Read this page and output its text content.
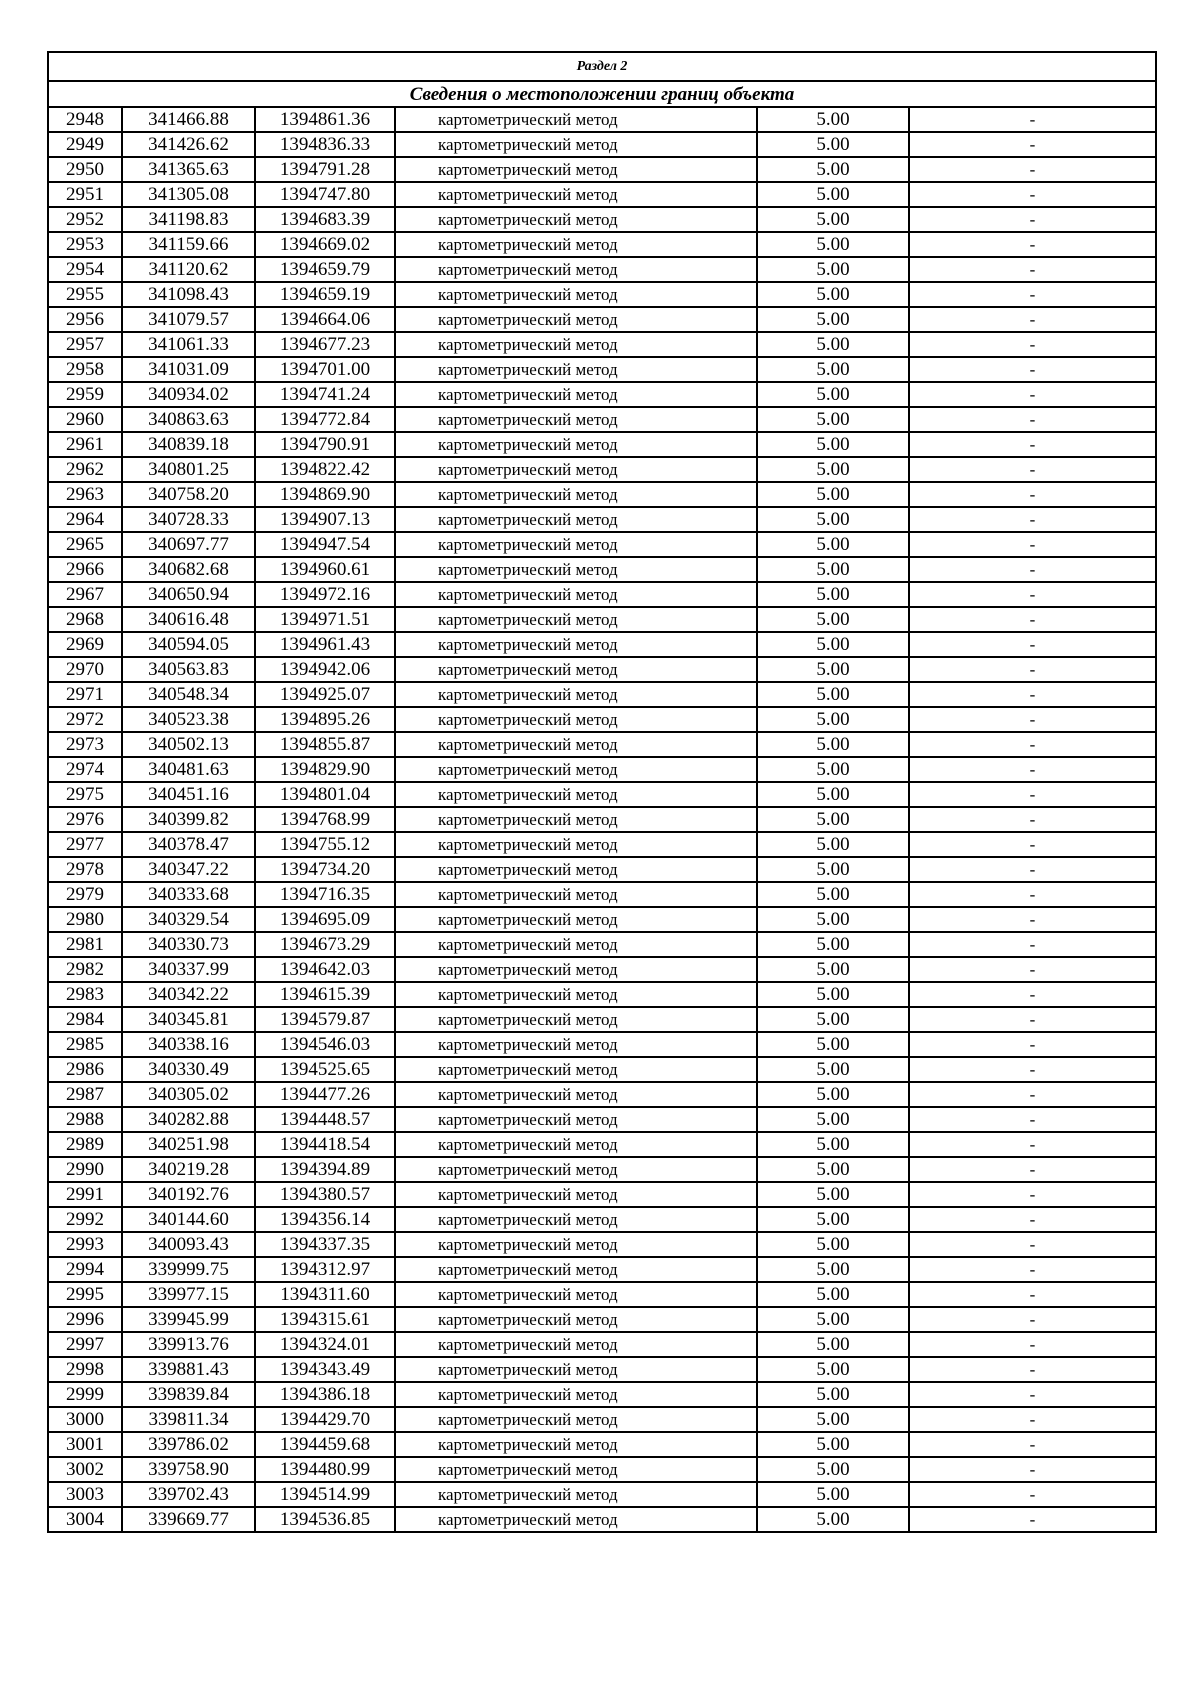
Раздел 2					
Сведения о местоположении границ объекта					
2948	341466.88	1394861.36	картометрический метод	5.00	-
2949	341426.62	1394836.33	картометрический метод	5.00	-
2950	341365.63	1394791.28	картометрический метод	5.00	-
2951	341305.08	1394747.80	картометрический метод	5.00	-
2952	341198.83	1394683.39	картометрический метод	5.00	-
2953	341159.66	1394669.02	картометрический метод	5.00	-
2954	341120.62	1394659.79	картометрический метод	5.00	-
2955	341098.43	1394659.19	картометрический метод	5.00	-
2956	341079.57	1394664.06	картометрический метод	5.00	-
2957	341061.33	1394677.23	картометрический метод	5.00	-
2958	341031.09	1394701.00	картометрический метод	5.00	-
2959	340934.02	1394741.24	картометрический метод	5.00	-
2960	340863.63	1394772.84	картометрический метод	5.00	-
2961	340839.18	1394790.91	картометрический метод	5.00	-
2962	340801.25	1394822.42	картометрический метод	5.00	-
2963	340758.20	1394869.90	картометрический метод	5.00	-
2964	340728.33	1394907.13	картометрический метод	5.00	-
2965	340697.77	1394947.54	картометрический метод	5.00	-
2966	340682.68	1394960.61	картометрический метод	5.00	-
2967	340650.94	1394972.16	картометрический метод	5.00	-
2968	340616.48	1394971.51	картометрический метод	5.00	-
2969	340594.05	1394961.43	картометрический метод	5.00	-
2970	340563.83	1394942.06	картометрический метод	5.00	-
2971	340548.34	1394925.07	картометрический метод	5.00	-
2972	340523.38	1394895.26	картометрический метод	5.00	-
2973	340502.13	1394855.87	картометрический метод	5.00	-
2974	340481.63	1394829.90	картометрический метод	5.00	-
2975	340451.16	1394801.04	картометрический метод	5.00	-
2976	340399.82	1394768.99	картометрический метод	5.00	-
2977	340378.47	1394755.12	картометрический метод	5.00	-
2978	340347.22	1394734.20	картометрический метод	5.00	-
2979	340333.68	1394716.35	картометрический метод	5.00	-
2980	340329.54	1394695.09	картометрический метод	5.00	-
2981	340330.73	1394673.29	картометрический метод	5.00	-
2982	340337.99	1394642.03	картометрический метод	5.00	-
2983	340342.22	1394615.39	картометрический метод	5.00	-
2984	340345.81	1394579.87	картометрический метод	5.00	-
2985	340338.16	1394546.03	картометрический метод	5.00	-
2986	340330.49	1394525.65	картометрический метод	5.00	-
2987	340305.02	1394477.26	картометрический метод	5.00	-
2988	340282.88	1394448.57	картометрический метод	5.00	-
2989	340251.98	1394418.54	картометрический метод	5.00	-
2990	340219.28	1394394.89	картометрический метод	5.00	-
2991	340192.76	1394380.57	картометрический метод	5.00	-
2992	340144.60	1394356.14	картометрический метод	5.00	-
2993	340093.43	1394337.35	картометрический метод	5.00	-
2994	339999.75	1394312.97	картометрический метод	5.00	-
2995	339977.15	1394311.60	картометрический метод	5.00	-
2996	339945.99	1394315.61	картометрический метод	5.00	-
2997	339913.76	1394324.01	картометрический метод	5.00	-
2998	339881.43	1394343.49	картометрический метод	5.00	-
2999	339839.84	1394386.18	картометрический метод	5.00	-
3000	339811.34	1394429.70	картометрический метод	5.00	-
3001	339786.02	1394459.68	картометрический метод	5.00	-
3002	339758.90	1394480.99	картометрический метод	5.00	-
3003	339702.43	1394514.99	картометрический метод	5.00	-
3004	339669.77	1394536.85	картометрический метод	5.00	-
